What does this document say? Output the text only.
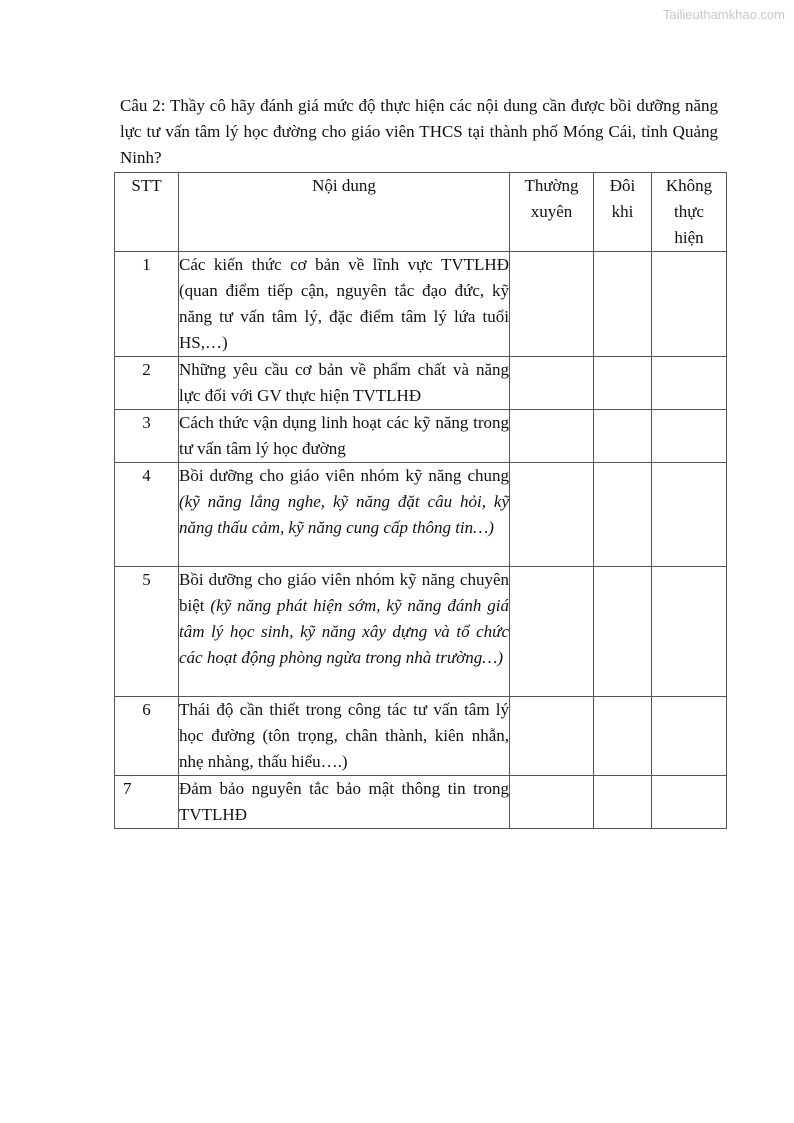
Tailieuthamkhao.com

Câu 2: Thầy cô hãy đánh giá mức độ thực hiện các nội dung cần được bồi dưỡng năng lực tư vấn tâm lý học đường cho giáo viên THCS tại thành phố Móng Cái, tỉnh Quảng Ninh?

STT	Nội dung	Thường xuyên	Đôi khi	Không thực hiện
1	Các kiến thức cơ bản về lĩnh vực TVTLHĐ (quan điểm tiếp cận, nguyên tắc đạo đức, kỹ năng tư vấn tâm lý, đặc điểm tâm lý lứa tuổi HS,…)			
2	Những yêu cầu cơ bản về phẩm chất và năng lực đối với GV thực hiện TVTLHĐ			
3	Cách thức vận dụng linh hoạt các kỹ năng trong tư vấn tâm lý học đường			
4	Bồi dưỡng cho giáo viên nhóm kỹ năng chung (kỹ năng lắng nghe, kỹ năng đặt câu hỏi, kỹ năng thấu cảm, kỹ năng cung cấp thông tin…)			
5	Bồi dưỡng cho giáo viên nhóm kỹ năng chuyên biệt (kỹ năng phát hiện sớm, kỹ năng đánh giá tâm lý học sinh, kỹ năng xây dựng và tổ chức các hoạt động phòng ngừa trong nhà trường…)			
6	Thái độ cần thiết trong công tác tư vấn tâm lý học đường (tôn trọng, chân thành, kiên nhẫn, nhẹ nhàng, thấu hiểu….)			
7	Đảm bảo nguyên tắc bảo mật thông tin trong TVTLHĐ			
